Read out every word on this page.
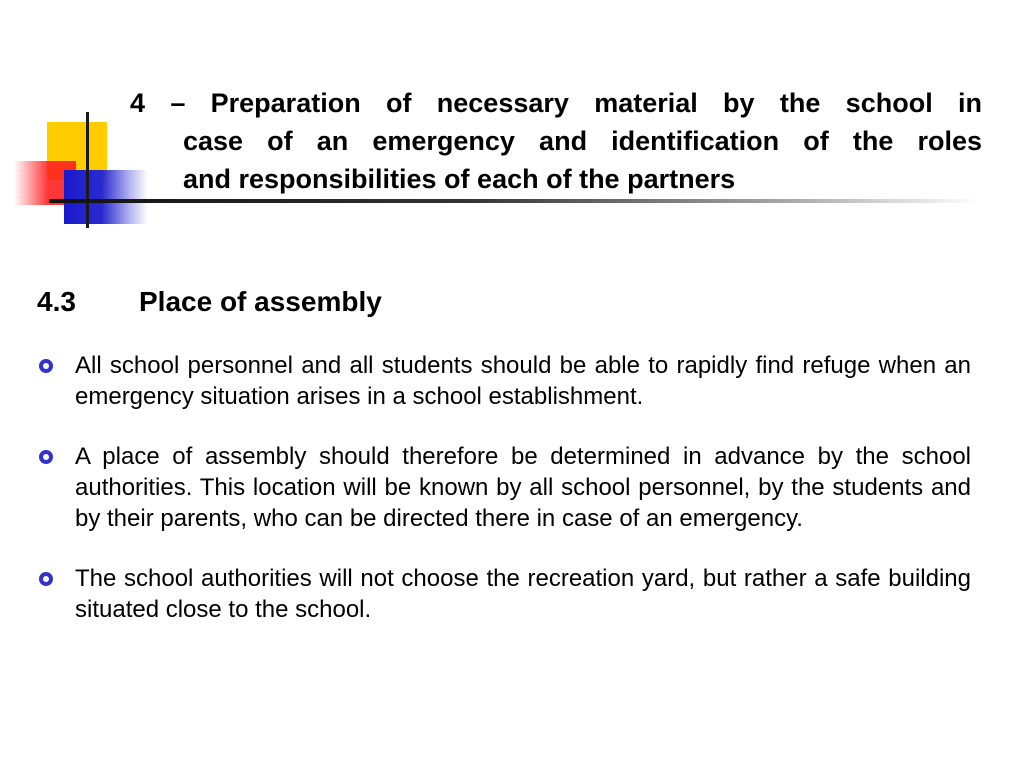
4 – Preparation of necessary material by the school in
case of an emergency and identification of the roles
and responsibilities of each of the partners
4.3 Place of assembly
All school personnel and all students should be able to rapidly find refuge when an emergency situation arises in a school establishment.
A place of assembly should therefore be determined in advance by the school authorities. This location will be known by all school personnel, by the students and by their parents, who can be directed there in case of an emergency.
The school authorities will not choose the recreation yard, but rather a safe building situated close to the school.
